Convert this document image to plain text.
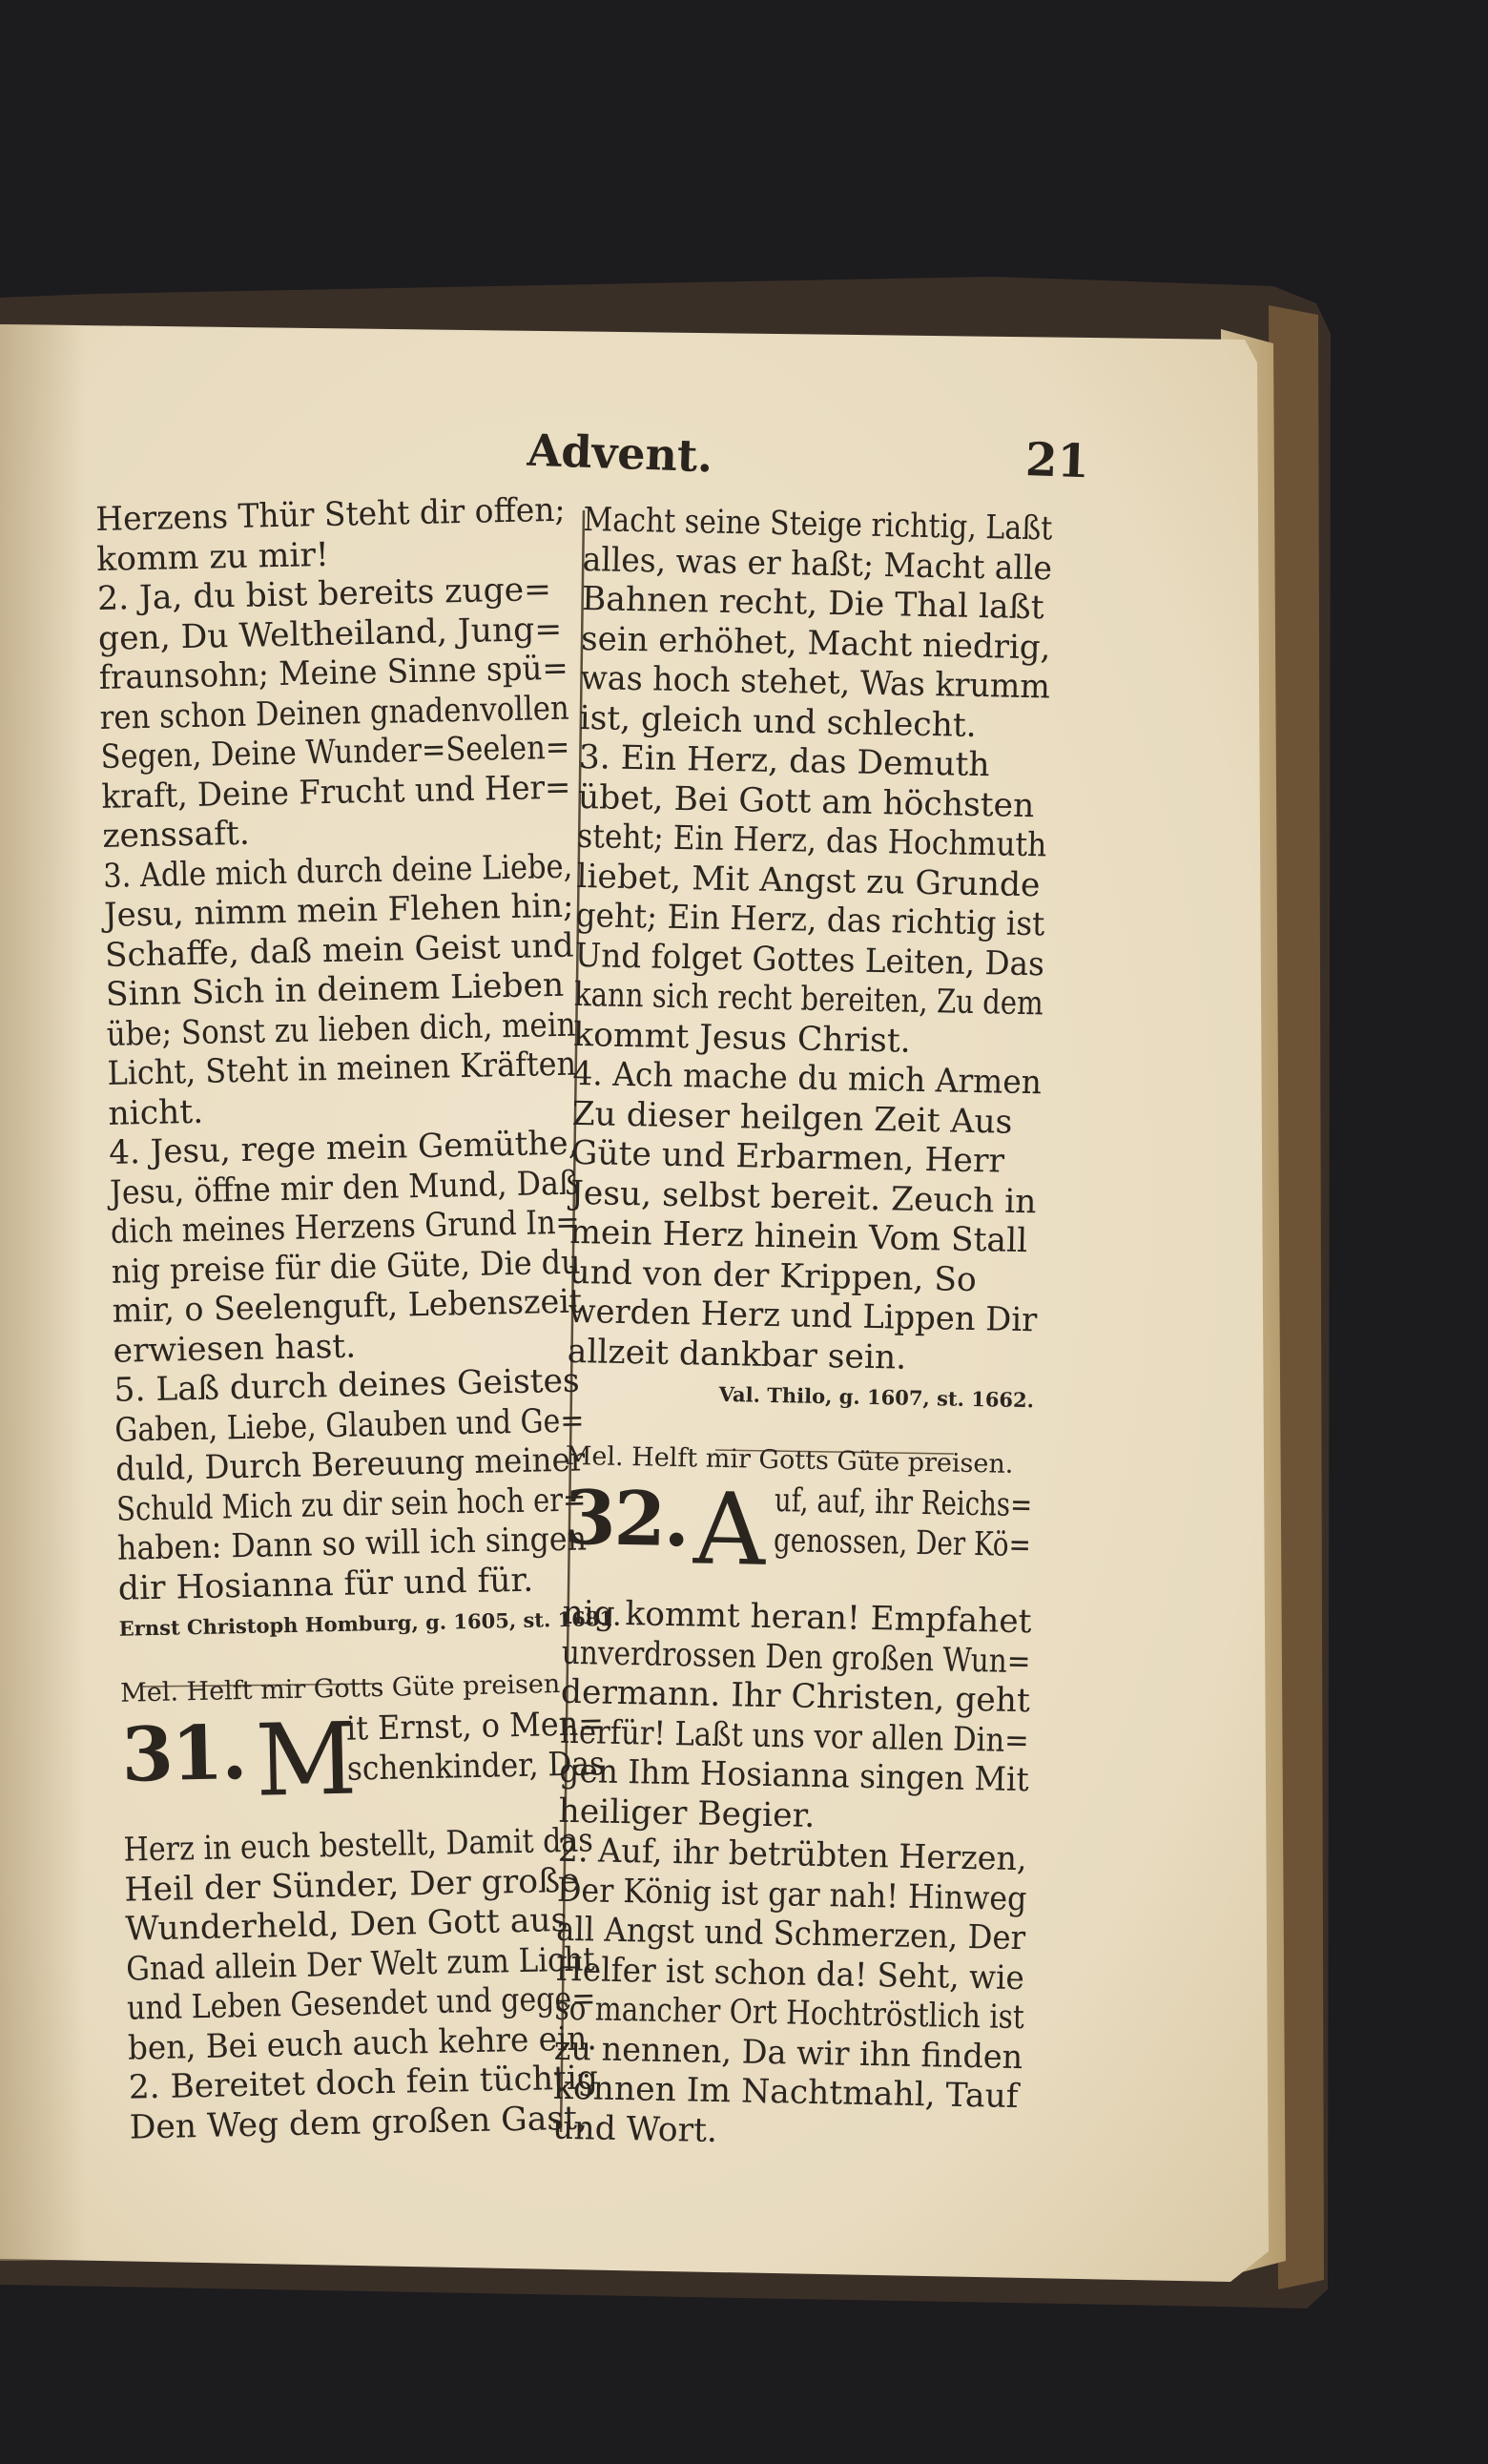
Advent.	21
Herzens Thür Steht dir offen;
komm zu mir!
2. Ja, du bist bereits zuge=
gen, Du Weltheiland, Jung=
fraunsohn; Meine Sinne spü=
ren schon Deinen gnadenvollen
Segen, Deine Wunder=Seelen=
kraft, Deine Frucht und Her=
zenssaft.
3. Adle mich durch deine Liebe,
Jesu, nimm mein Flehen hin;
Schaffe, daß mein Geist und
Sinn Sich in deinem Lieben
übe; Sonst zu lieben dich, mein
Licht, Steht in meinen Kräften
nicht.
4. Jesu, rege mein Gemüthe,
Jesu, öffne mir den Mund, Daß
dich meines Herzens Grund In=
nig preise für die Güte, Die du
mir, o Seelenguft, Lebenszeit
erwiesen hast.
5. Laß durch deines Geistes
Gaben, Liebe, Glauben und Ge=
duld, Durch Bereuung meiner
Schuld Mich zu dir sein hoch er=
haben: Dann so will ich singen
dir Hosianna für und für.
Ernst Christoph Homburg, g. 1605, st. 1681.
Mel. Helft mir Gotts Güte preisen.
31. M
it Ernst, o Men=
schenkinder, Das
Herz in euch bestellt, Damit das
Heil der Sünder, Der große
Wunderheld, Den Gott aus
Gnad allein Der Welt zum Licht
und Leben Gesendet und gege=
ben, Bei euch auch kehre ein.
2. Bereitet doch fein tüchtig
Den Weg dem großen Gast,
Macht seine Steige richtig, Laßt
alles, was er haßt; Macht alle
Bahnen recht, Die Thal laßt
sein erhöhet, Macht niedrig,
was hoch stehet, Was krumm
ist, gleich und schlecht.
3. Ein Herz, das Demuth
übet, Bei Gott am höchsten
steht; Ein Herz, das Hochmuth
liebet, Mit Angst zu Grunde
geht; Ein Herz, das richtig ist
Und folget Gottes Leiten, Das
kann sich recht bereiten, Zu dem
kommt Jesus Christ.
4. Ach mache du mich Armen
Zu dieser heilgen Zeit Aus
Güte und Erbarmen, Herr
Jesu, selbst bereit. Zeuch in
mein Herz hinein Vom Stall
und von der Krippen, So
werden Herz und Lippen Dir
allzeit dankbar sein.
Val. Thilo, g. 1607, st. 1662.
Mel. Helft mir Gotts Güte preisen.
32. A uf, auf, ihr Reichs=
genossen, Der Kö=
nig kommt heran! Empfahet
unverdrossen Den großen Wun=
dermann. Ihr Christen, geht
herfür! Laßt uns vor allen Din=
gen Ihm Hosianna singen Mit
heiliger Begier.
2. Auf, ihr betrübten Herzen,
Der König ist gar nah! Hinweg
all Angst und Schmerzen, Der
Helfer ist schon da! Seht, wie
so mancher Ort Hochtröstlich ist
zu nennen, Da wir ihn finden
können Im Nachtmahl, Tauf
und Wort.
